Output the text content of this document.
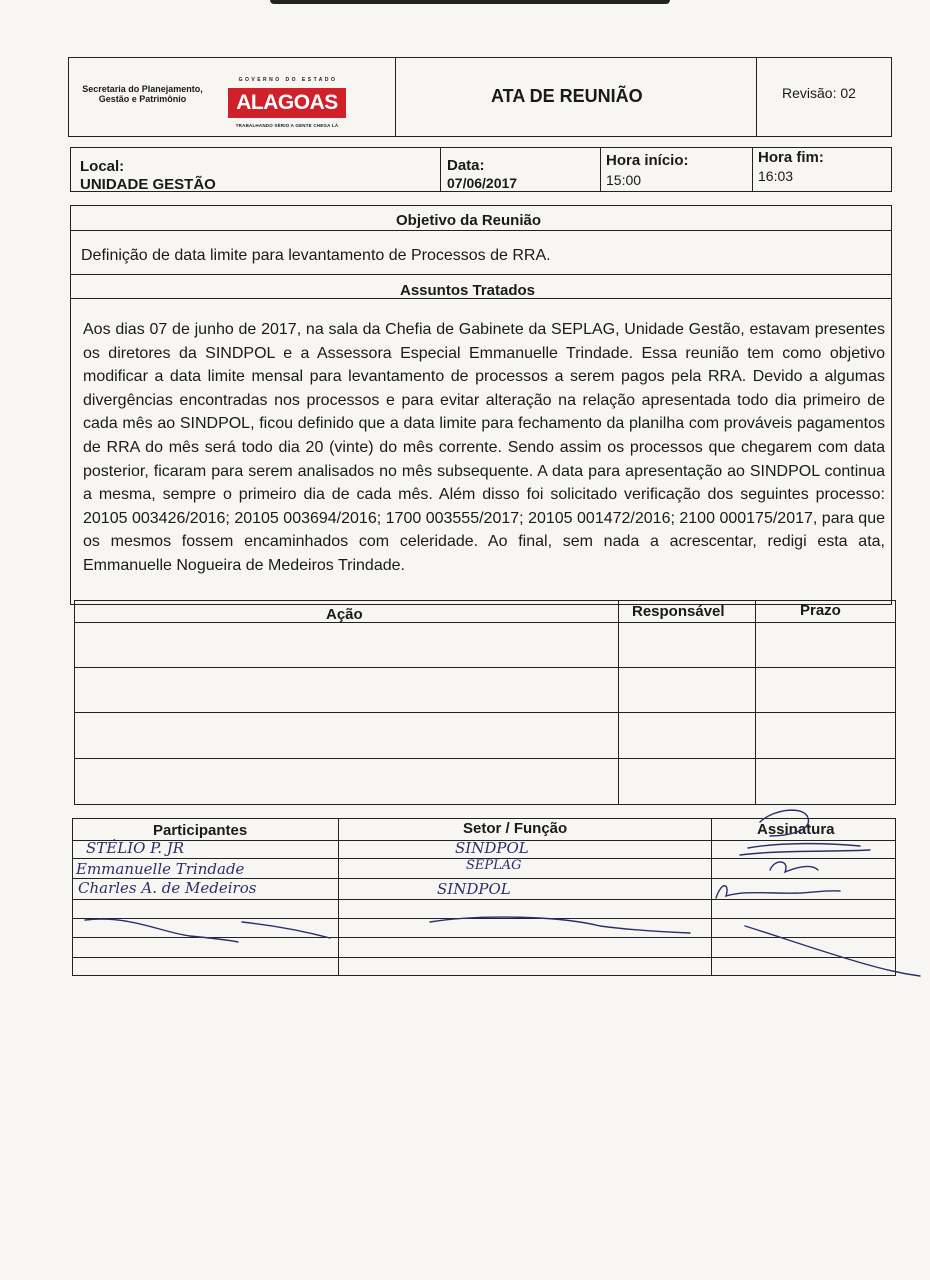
Secretaria do Planejamento, Gestão e Patrimônio
GOVERNO DO ESTADO
ALAGOAS
TRABALHANDO SÉRIO A GENTE CHEGA LÁ
ATA DE REUNIÃO	Revisão: 02
Local:
UNIDADE GESTÃO
Data:
07/06/2017
Hora início:
15:00
Hora fim:
16:03
Objetivo da Reunião
Definição de data limite para levantamento de Processos de RRA.
Assuntos Tratados

Aos dias 07 de junho de 2017, na sala da Chefia de Gabinete da SEPLAG, Unidade Gestão, estavam presentes os diretores da SINDPOL e a Assessora Especial Emmanuelle Trindade. Essa reunião tem como objetivo modificar a data limite mensal para levantamento de processos a serem pagos pela RRA. Devido a algumas divergências encontradas nos processos e para evitar alteração na relação apresentada todo dia primeiro de cada mês ao SINDPOL, ficou definido que a data limite para fechamento da planilha com prováveis pagamentos de RRA do mês será todo dia 20 (vinte) do mês corrente. Sendo assim os processos que chegarem com data posterior, ficaram para serem analisados no mês subsequente. A data para apresentação ao SINDPOL continua a mesma, sempre o primeiro dia de cada mês. Além disso foi solicitado verificação dos seguintes processo: 20105 003426/2016; 20105 003694/2016; 1700 003555/2017; 20105 001472/2016; 2100 000175/2017, para que os mesmos fossem encaminhados com celeridade. Ao final, sem nada a acrescentar, redigi esta ata, Emmanuelle Nogueira de Medeiros Trindade.

Ação	Responsável	Prazo
Participantes	Setor / Função	Assinatura
STÉLIO P. JR	SINDPOL
Emmanuelle Trindade	SEPLAG
Charles A. de Medeiros	SINDPOL
